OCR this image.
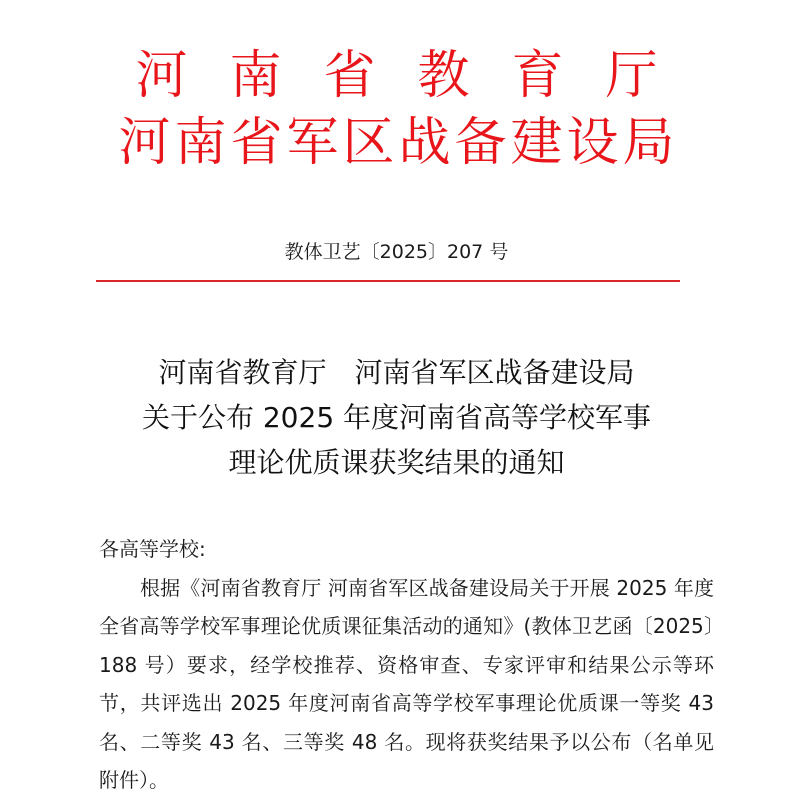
河南省教育厅
河南省军区战备建设局
教体卫艺〔2025〕207 号
河南省教育厅　河南省军区战备建设局
关于公布 2025 年度河南省高等学校军事
理论优质课获奖结果的通知
各高等学校:
根据《河南省教育厅 河南省军区战备建设局关于开展 2025 年度全省高等学校军事理论优质课征集活动的通知》(教体卫艺函〔2025〕188 号）要求，经学校推荐、资格审查、专家评审和结果公示等环节，共评选出 2025 年度河南省高等学校军事理论优质课一等奖 43 名、二等奖 43 名、三等奖 48 名。现将获奖结果予以公布（名单见附件）。
